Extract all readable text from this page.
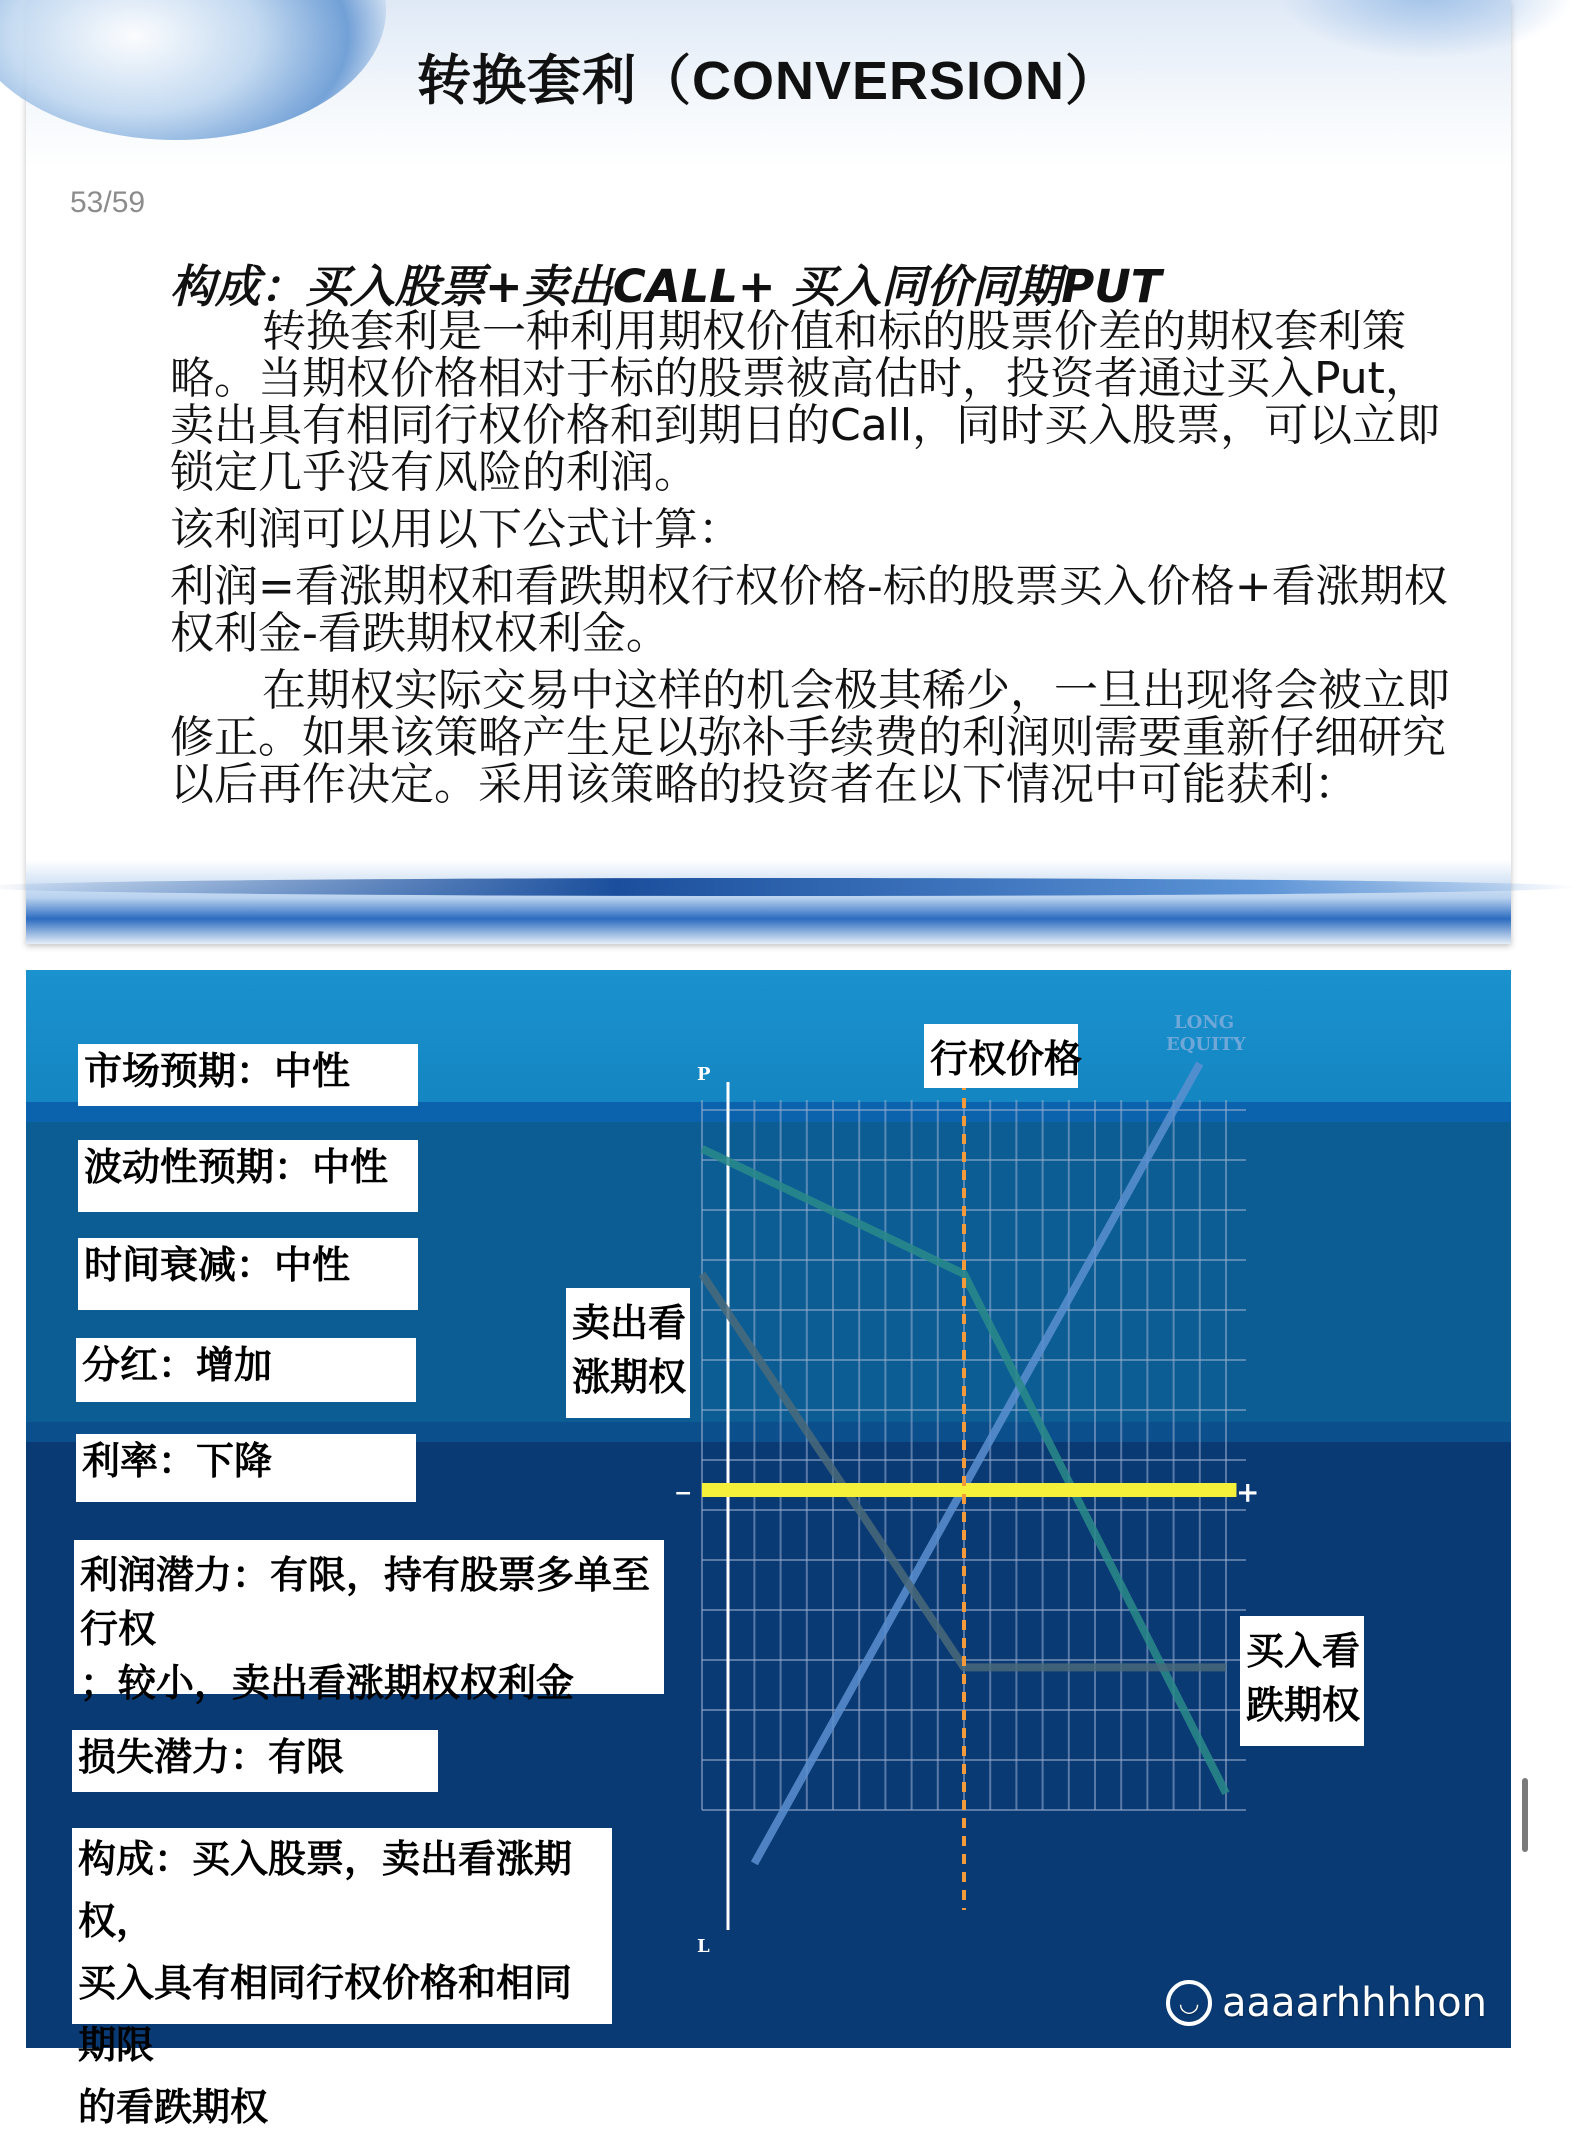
转换套利（CONVERSION）
53/59
构成：买入股票+卖出CALL+ 买入同价同期PUT

转换套利是一种利用期权价值和标的股票价差的期权套利策略。当期权价格相对于标的股票被高估时，投资者通过买入Put，卖出具有相同行权价格和到期日的Call，同时买入股票，可以立即锁定几乎没有风险的利润。

该利润可以用以下公式计算：

利润=看涨期权和看跌期权行权价格-标的股票买入价格+看涨期权权利金-看跌期权权利金。

在期权实际交易中这样的机会极其稀少，一旦出现将会被立即修正。如果该策略产生足以弥补手续费的利润则需要重新仔细研究以后再作决定。采用该策略的投资者在以下情况中可能获利：

市场预期：中性
波动性预期：中性
时间衰减：中性
分红：增加
利率：下降
利润潜力：有限，持有股票多单至行权
；较小，卖出看涨期权权利金
损失潜力：有限
构成：买入股票，卖出看涨期权，
买入具有相同行权价格和相同期限
的看跌期权
行权价格
LONG
EQUITY
卖出看
涨期权
买入看
跌期权
P
L
−	+
◡ aaaarhhhhon
